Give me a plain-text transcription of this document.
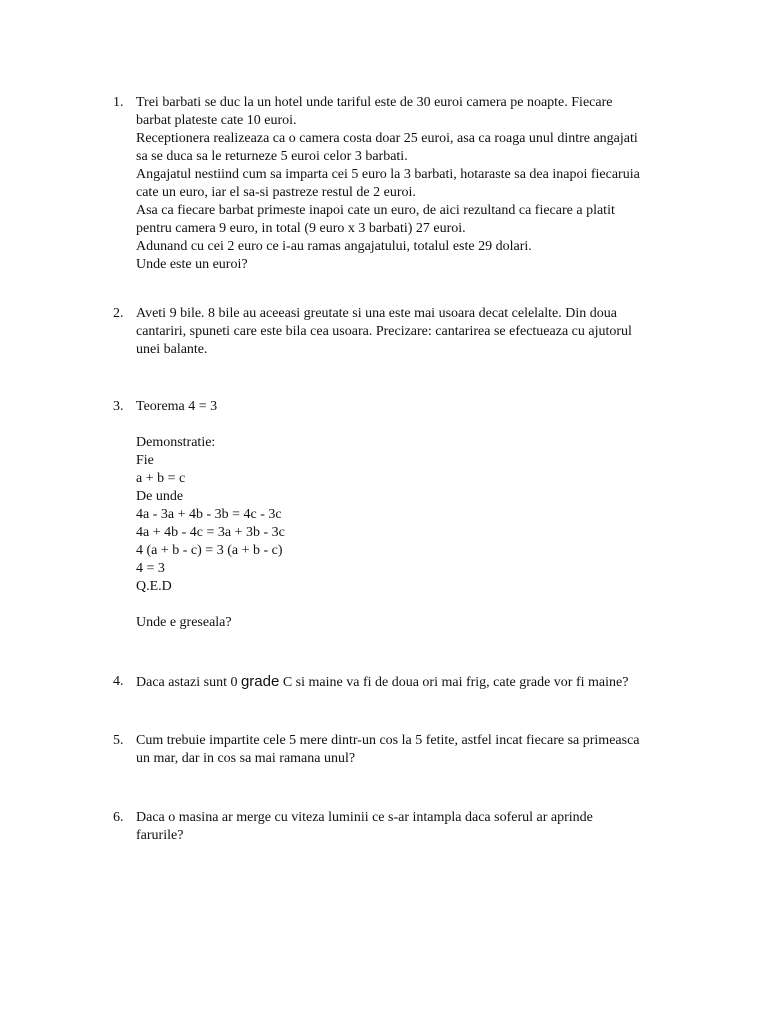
1. Trei barbati se duc la un hotel unde tariful este de 30 euroi camera pe noapte. Fiecare
barbat plateste cate 10 euroi.
Receptionera realizeaza ca o camera costa doar 25 euroi, asa ca roaga unul dintre angajati
sa se duca sa le returneze 5 euroi celor 3 barbati.
Angajatul nestiind cum sa imparta cei 5 euro la 3 barbati, hotaraste sa dea inapoi fiecaruia
cate un euro, iar el sa-si pastreze restul de 2 euroi.
Asa ca fiecare barbat primeste inapoi cate un euro, de aici rezultand ca fiecare a platit
pentru camera 9 euro, in total (9 euro x 3 barbati) 27 euroi.
Adunand cu cei 2 euro ce i-au ramas angajatului, totalul este 29 dolari.
Unde este un euroi?
2. Aveti 9 bile. 8 bile au aceeasi greutate si una este mai usoara decat celelalte. Din doua
cantariri, spuneti care este bila cea usoara. Precizare: cantarirea se efectueaza cu ajutorul
unei balante.
3. Teorema 4 = 3
Demonstratie:
Fie
a + b = c
De unde
4a - 3a + 4b - 3b = 4c - 3c
4a + 4b - 4c = 3a + 3b - 3c
4 (a + b - c) = 3 (a + b - c)
4 = 3
Q.E.D
Unde e greseala?
4. Daca astazi sunt 0 grade C si maine va fi de doua ori mai frig, cate grade vor fi maine?
5. Cum trebuie impartite cele 5 mere dintr-un cos la 5 fetite, astfel incat fiecare sa primeasca
un mar, dar in cos sa mai ramana unul?
6. Daca o masina ar merge cu viteza luminii ce s-ar intampla daca soferul ar aprinde
farurile?
